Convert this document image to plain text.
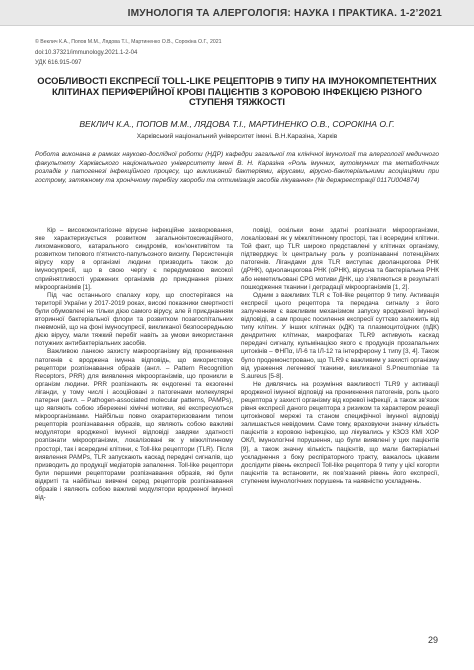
ІМУНОЛОГІЯ ТА АЛЕРГОЛОГІЯ: НАУКА І ПРАКТИКА. 1-2’2021
© Веклич К.А., Попов М.М., Лядова Т.І., Мартиненко О.В., Сорокіна О.Г., 2021
doi:10.37321/immunology.2021.1-2-04
УДК 616.915-097
ОСОБЛИВОСТІ ЕКСПРЕСІЇ TOLL-LIKE РЕЦЕПТОРІВ 9 ТИПУ НА ІМУНОКОМПЕТЕНТНИХ КЛІТИНАХ ПЕРИФЕРІЙНОЇ КРОВІ ПАЦІЄНТІВ З КОРОВОЮ ІНФЕКЦІЄЮ РІЗНОГО СТУПЕНЯ ТЯЖКОСТІ
ВЕКЛИЧ К.А., ПОПОВ М.М., ЛЯДОВА Т.І., МАРТИНЕНКО О.В., СОРОКІНА О.Г.
Харківський національний університет імені. В.Н.Каразіна, Харків
Робота виконана в рамках науково-дослідної роботи (НДР) кафедри загальної та клінічної імунології та алергології медичного факультету Харківського національного університету імені В. Н. Каразіна «Роль імунних, аутоімунних та метаболічних розладів у патогенезі інфекційного процесу, що викликаний бактеріями, вірусами, вірусно-бактеріальними асоціаціями при гострому, затяжному та хронічному перебігу хвороби та оптимізація засобів лікування» (№ держреєстрації 0117U004874)

Кір – висококонтагіозне вірусне інфекційне захворювання, яке характеризується розвитком загальноінтоксикаційного, лихоманкового, катарального синдромів, кон’юнктивітом та розвитком типового п’ятнисто-папульозного висипу. Персистенція вірусу кору в організмі людини призводить також до імуносупресії, що в свою чергу є передумовою високої сприйнятливості уражених організмів до приєднання різних мікроорганізмів [1].

Під час останнього спалаху кору, що спостерігався на території України у 2017-2019 роках, високі показники смертності були обумовлені не тільки дією самого вірусу, але й приєднанням вторинної бактеріальної флори та розвитком позагоспітальних пневмоній, що на фоні імуносупресії, викликаної безпосередньою дією вірусу, мали тяжкий перебіг навіть за умови використання потужних антибактеріальних засобів.

Важливою ланкою захисту макроорганізму від проникнення патогенів є вроджена імунна відповідь, що використовує рецептори розпізнавання образів (англ. – Pattern Recognition Receptors, PRR) для виявлення мікроорганізмів, що проникли в організм людини. PRR розпізнають як ендогенні та екзогенні ліганди, у тому числі і асоційовані з патогенами молекулярні патерни (англ. – Pathogen-associated molecular patterns, PAMPs), що являють собою збережені хімічні мотиви, які експресуються мікроорганізмами. Найбільш повно охарактеризованим типом рецепторів розпізнавання образів, що являють собою важливі модулятори вродженої імунної відповіді завдяки здатності розпізнати мікроорганізми, локалізовані як у міжклітинному просторі, так і всередині клітини, є Toll-like рецептори (TLR). Після виявлення PAMPs, TLR запускають каскад передачі сигналів, що призводить до продукції медіаторів запалення. Toll-like рецептори були першими рецепторами розпізнавання образів, які були відкриті та найбільш вивчені серед рецепторів розпізнавання образів і являють собою важливі модулятори вродженої імунної від-

повіді, оскільки вони здатні розпізнати мікроорганізми, локалізовані як у міжклітинному просторі, так і всередині клітини. Той факт, що TLR широко представлені у клітинах організму, підтверджує їх центральну роль у розпізнаванні потенційних патогенів. Лігандами для TLR виступає дволанцюгова РНК (дРНК), одноланцюгова РНК (оРНК), вірусна та бактеріальна РНК або неметильовані CPG мотиви ДНК, що з’являються в результаті пошкодження тканини і деградації мікроорганізмів [1, 2].

Одним з важливих TLR є Toll-like рецептор 9 типу. Активація експресії цього рецептора та передача сигналу з його залученням є важливим механізмом запуску вродженої імунної відповіді, а сам процес посилення експресії суттєво залежить від типу клітин. У інших клітинах (кДК) та плазмоцитоїдних (пДК) дендритних клітинах, макрофагах TLR9 активують каскад передачі сигналу, кульмінацією якого є продукція прозапальних цитокінів – ФНПα, ІЛ-6 та ІЛ-12 та інтерферону 1 типу [3, 4]. Також було продемонстровано, що TLR9 є важливим у захисті організму від ураження легеневої тканини, викликаної S.Pneumoniae та S.aureus [5-8].

Не дивлячись на розуміння важливості TLR9 у активації вродженої імунної відповіді на проникнення патогенів, роль цього рецептора у захисті організму від коревої інфекції, а також зв’язок рівня експресії даного рецептора з ризиком та характером реакції цитокінової мережі та станом специфічної імунної відповіді залишається невідомим. Саме тому, враховуючи значну кількість пацієнтів з коровою інфекцією, що лікувались у КЗОЗ КМІ ХОР ОКЛ, імунологічні порушення, що були виявлені у цих пацієнтів [9], а також значну кількість пацієнтів, що мали бактеріальні ускладнення з боку респіраторного тракту, важалось цікавим дослідити рівень експресії Toll-like рецептора 9 типу у цієї когорти пацієнтів та встановити, як пов’язаний рівень його експресії, ступенем імунологічних порушень та наявністю ускладнень.

29
